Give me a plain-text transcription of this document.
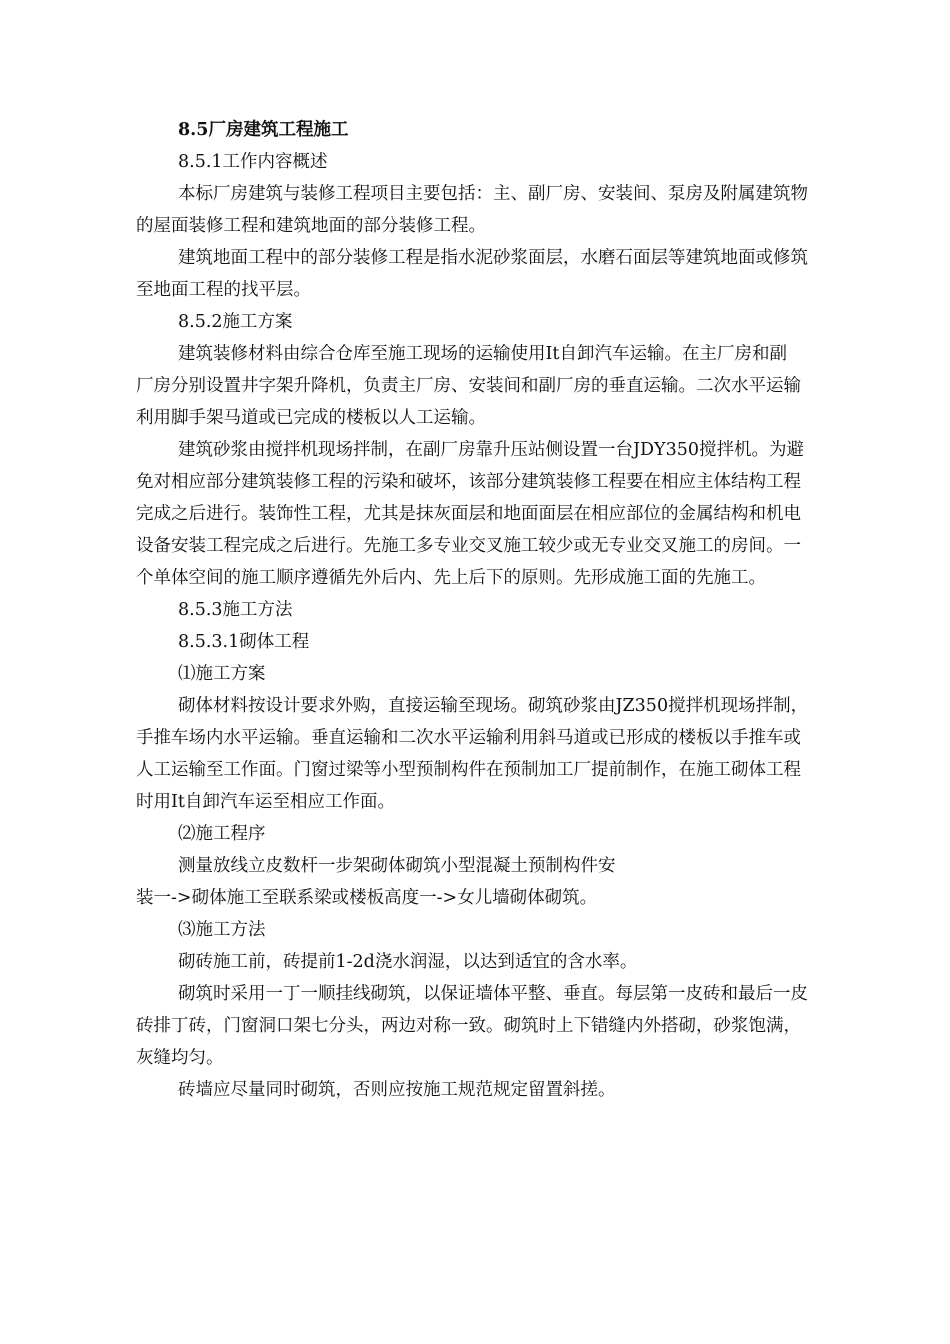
8.5厂房建筑工程施工
8.5.1工作内容概述
本标厂房建筑与装修工程项目主要包括：主、副厂房、安装间、泵房及附属建筑物
的屋面装修工程和建筑地面的部分装修工程。
建筑地面工程中的部分装修工程是指水泥砂浆面层，水磨石面层等建筑地面或修筑
至地面工程的找平层。
8.5.2施工方案
建筑装修材料由综合仓库至施工现场的运输使用It自卸汽车运输。在主厂房和副
厂房分别设置井字架升降机，负责主厂房、安装间和副厂房的垂直运输。二次水平运输
利用脚手架马道或已完成的楼板以人工运输。
建筑砂浆由搅拌机现场拌制，在副厂房靠升压站侧设置一台JDY350搅拌机。为避
免对相应部分建筑装修工程的污染和破坏，该部分建筑装修工程要在相应主体结构工程
完成之后进行。装饰性工程，尤其是抹灰面层和地面面层在相应部位的金属结构和机电
设备安装工程完成之后进行。先施工多专业交叉施工较少或无专业交叉施工的房间。一
个单体空间的施工顺序遵循先外后内、先上后下的原则。先形成施工面的先施工。
8.5.3施工方法
8.5.3.1砌体工程
⑴施工方案
砌体材料按设计要求外购，直接运输至现场。砌筑砂浆由JZ350搅拌机现场拌制，
手推车场内水平运输。垂直运输和二次水平运输利用斜马道或已形成的楼板以手推车或
人工运输至工作面。门窗过梁等小型预制构件在预制加工厂提前制作，在施工砌体工程
时用It自卸汽车运至相应工作面。
⑵施工程序
测量放线立皮数杆一步架砌体砌筑小型混凝土预制构件安
装一->砌体施工至联系梁或楼板高度一->女儿墙砌体砌筑。
⑶施工方法
砌砖施工前，砖提前1-2d浇水润湿，以达到适宜的含水率。
砌筑时采用一丁一顺挂线砌筑，以保证墙体平整、垂直。每层第一皮砖和最后一皮
砖排丁砖，门窗洞口架七分头，两边对称一致。砌筑时上下错缝内外搭砌，砂浆饱满，
灰缝均匀。
砖墙应尽量同时砌筑，否则应按施工规范规定留置斜搓。
